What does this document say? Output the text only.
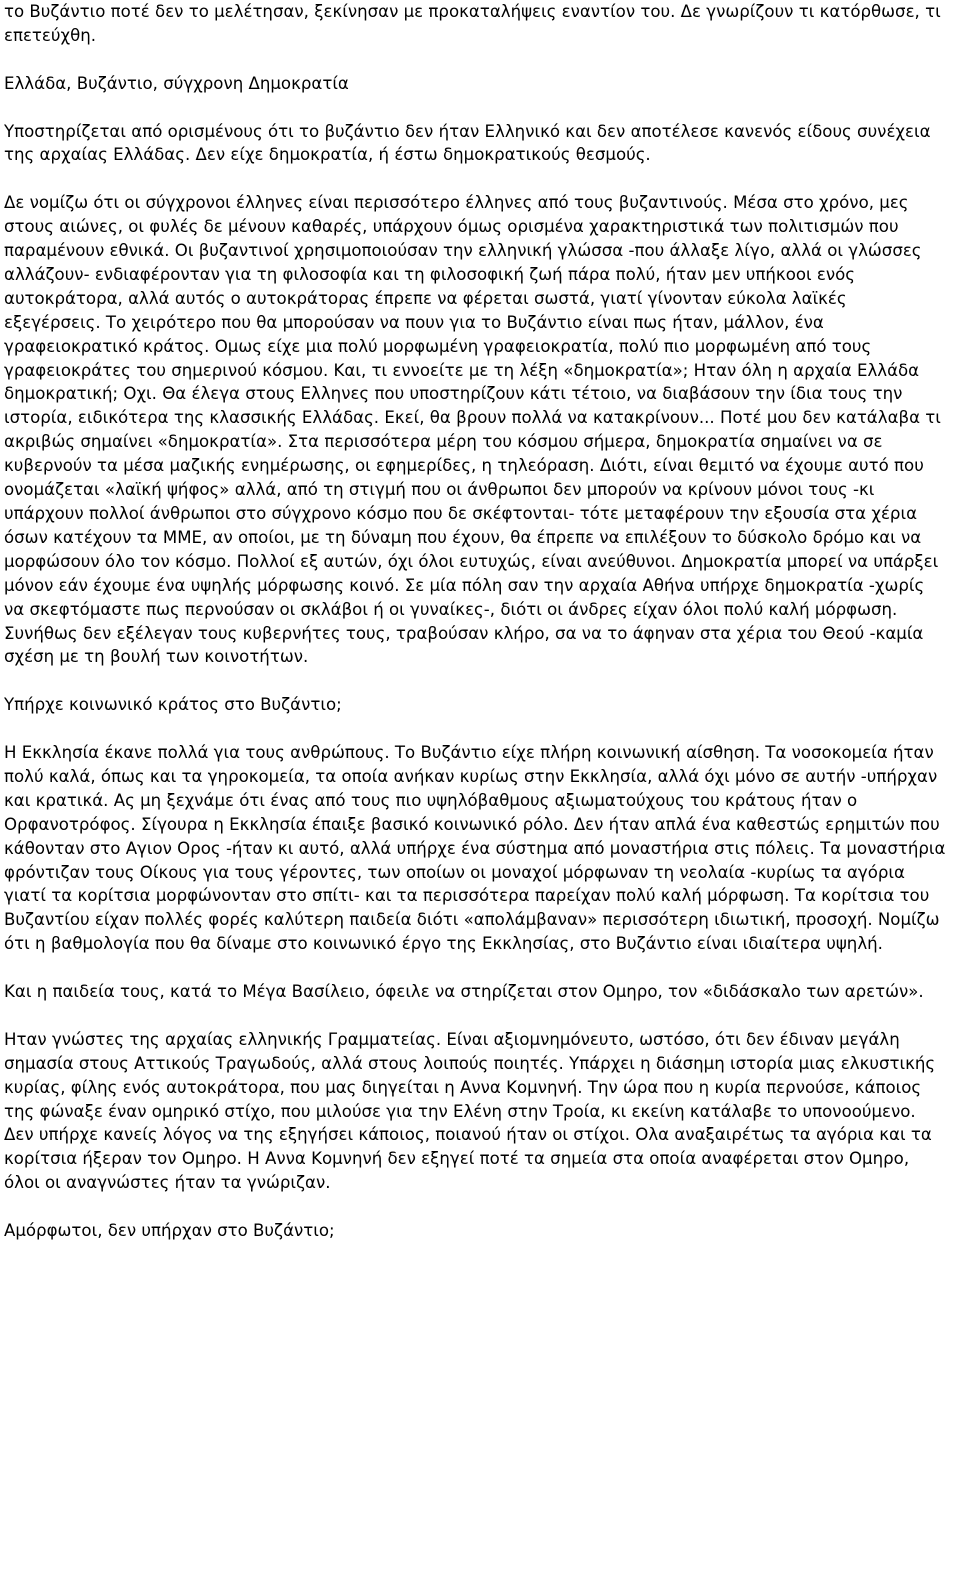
το Βυζάντιο ποτέ δεν το μελέτησαν, ξεκίνησαν με προκαταλήψεις εναντίον του. Δε γνωρίζουν τι κατόρθωσε, τι επετεύχθη.

Ελλάδα, Βυζάντιο, σύγχρονη Δημοκρατία

Υποστηρίζεται από ορισμένους ότι το βυζάντιο δεν ήταν Ελληνικό και δεν αποτέλεσε κανενός είδους συνέχεια της αρχαίας Ελλάδας. Δεν είχε δημοκρατία, ή έστω δημοκρατικούς θεσμούς.

Δε νομίζω ότι οι σύγχρονοι έλληνες είναι περισσότερο έλληνες από τους βυζαντινούς. Μέσα στο χρόνο, μες στους αιώνες, οι φυλές δε μένουν καθαρές, υπάρχουν όμως ορισμένα χαρακτηριστικά των πολιτισμών που παραμένουν εθνικά. Οι βυζαντινοί χρησιμοποιούσαν την ελληνική γλώσσα -που άλλαξε λίγο, αλλά οι γλώσσες αλλάζουν- ενδιαφέρονταν για τη φιλοσοφία και τη φιλοσοφική ζωή πάρα πολύ, ήταν μεν υπήκοοι ενός αυτοκράτορα, αλλά αυτός ο αυτοκράτορας έπρεπε να φέρεται σωστά, γιατί γίνονταν εύκολα λαϊκές εξεγέρσεις. Το χειρότερο που θα μπορούσαν να πουν για το Βυζάντιο είναι πως ήταν, μάλλον, ένα γραφειοκρατικό κράτος. Ομως είχε μια πολύ μορφωμένη γραφειοκρατία, πολύ πιο μορφωμένη από τους γραφειοκράτες του σημερινού κόσμου. Και, τι εννοείτε με τη λέξη «δημοκρατία»; Ηταν όλη η αρχαία Ελλάδα δημοκρατική; Οχι. Θα έλεγα στους Ελληνες που υποστηρίζουν κάτι τέτοιο, να διαβάσουν την ίδια τους την ιστορία, ειδικότερα της κλασσικής Ελλάδας. Εκεί, θα βρουν πολλά να κατακρίνουν... Ποτέ μου δεν κατάλαβα τι ακριβώς σημαίνει «δημοκρατία». Στα περισσότερα μέρη του κόσμου σήμερα, δημοκρατία σημαίνει να σε κυβερνούν τα μέσα μαζικής ενημέρωσης, οι εφημερίδες, η τηλεόραση. Διότι, είναι θεμιτό να έχουμε αυτό που ονομάζεται «λαϊκή ψήφος» αλλά, από τη στιγμή που οι άνθρωποι δεν μπορούν να κρίνουν μόνοι τους -κι υπάρχουν πολλοί άνθρωποι στο σύγχρονο κόσμο που δε σκέφτονται- τότε μεταφέρουν την εξουσία στα χέρια όσων κατέχουν τα ΜΜΕ, αν οποίοι, με τη δύναμη που έχουν, θα έπρεπε να επιλέξουν το δύσκολο δρόμο και να μορφώσουν όλο τον κόσμο. Πολλοί εξ αυτών, όχι όλοι ευτυχώς, είναι ανεύθυνοι. Δημοκρατία μπορεί να υπάρξει μόνον εάν έχουμε ένα υψηλής μόρφωσης κοινό. Σε μία πόλη σαν την αρχαία Αθήνα υπήρχε δημοκρατία -χωρίς να σκεφτόμαστε πως περνούσαν οι σκλάβοι ή οι γυναίκες-, διότι οι άνδρες είχαν όλοι πολύ καλή μόρφωση. Συνήθως δεν εξέλεγαν τους κυβερνήτες τους, τραβούσαν κλήρο, σα να το άφηναν στα χέρια του Θεού -καμία σχέση με τη βουλή των κοινοτήτων.

Υπήρχε κοινωνικό κράτος στο Βυζάντιο;

Η Εκκλησία έκανε πολλά για τους ανθρώπους. Το Βυζάντιο είχε πλήρη κοινωνική αίσθηση. Τα νοσοκομεία ήταν πολύ καλά, όπως και τα γηροκομεία, τα οποία ανήκαν κυρίως στην Εκκλησία, αλλά όχι μόνο σε αυτήν -υπήρχαν και κρατικά. Ας μη ξεχνάμε ότι ένας από τους πιο υψηλόβαθμους αξιωματούχους του κράτους ήταν ο Ορφανοτρόφος. Σίγουρα η Εκκλησία έπαιξε βασικό κοινωνικό ρόλο. Δεν ήταν απλά ένα καθεστώς ερημιτών που κάθονταν στο Αγιον Ορος -ήταν κι αυτό, αλλά υπήρχε ένα σύστημα από μοναστήρια στις πόλεις. Τα μοναστήρια φρόντιζαν τους Οίκους για τους γέροντες, των οποίων οι μοναχοί μόρφωναν τη νεολαία -κυρίως τα αγόρια γιατί τα κορίτσια μορφώνονταν στο σπίτι- και τα περισσότερα παρείχαν πολύ καλή μόρφωση. Τα κορίτσια του Βυζαντίου είχαν πολλές φορές καλύτερη παιδεία διότι «απολάμβαναν» περισσότερη ιδιωτική, προσοχή. Νομίζω ότι η βαθμολογία που θα δίναμε στο κοινωνικό έργο της Εκκλησίας, στο Βυζάντιο είναι ιδιαίτερα υψηλή.

Και η παιδεία τους, κατά το Μέγα Βασίλειο, όφειλε να στηρίζεται στον Ομηρο, τον «διδάσκαλο των αρετών».

Ηταν γνώστες της αρχαίας ελληνικής Γραμματείας. Είναι αξιομνημόνευτο, ωστόσο, ότι δεν έδιναν μεγάλη σημασία στους Αττικούς Τραγωδούς, αλλά στους λοιπούς ποιητές. Υπάρχει η διάσημη ιστορία μιας ελκυστικής κυρίας, φίλης ενός αυτοκράτορα, που μας διηγείται η Αννα Κομνηνή. Την ώρα που η κυρία περνούσε, κάποιος της φώναξε έναν ομηρικό στίχο, που μιλούσε για την Ελένη στην Τροία, κι εκείνη κατάλαβε το υπονοούμενο. Δεν υπήρχε κανείς λόγος να της εξηγήσει κάποιος, ποιανού ήταν οι στίχοι. Ολα αναξαιρέτως τα αγόρια και τα κορίτσια ήξεραν τον Ομηρο. Η Αννα Κομνηνή δεν εξηγεί ποτέ τα σημεία στα οποία αναφέρεται στον Ομηρο, όλοι οι αναγνώστες ήταν τα γνώριζαν.

Αμόρφωτοι, δεν υπήρχαν στο Βυζάντιο;
